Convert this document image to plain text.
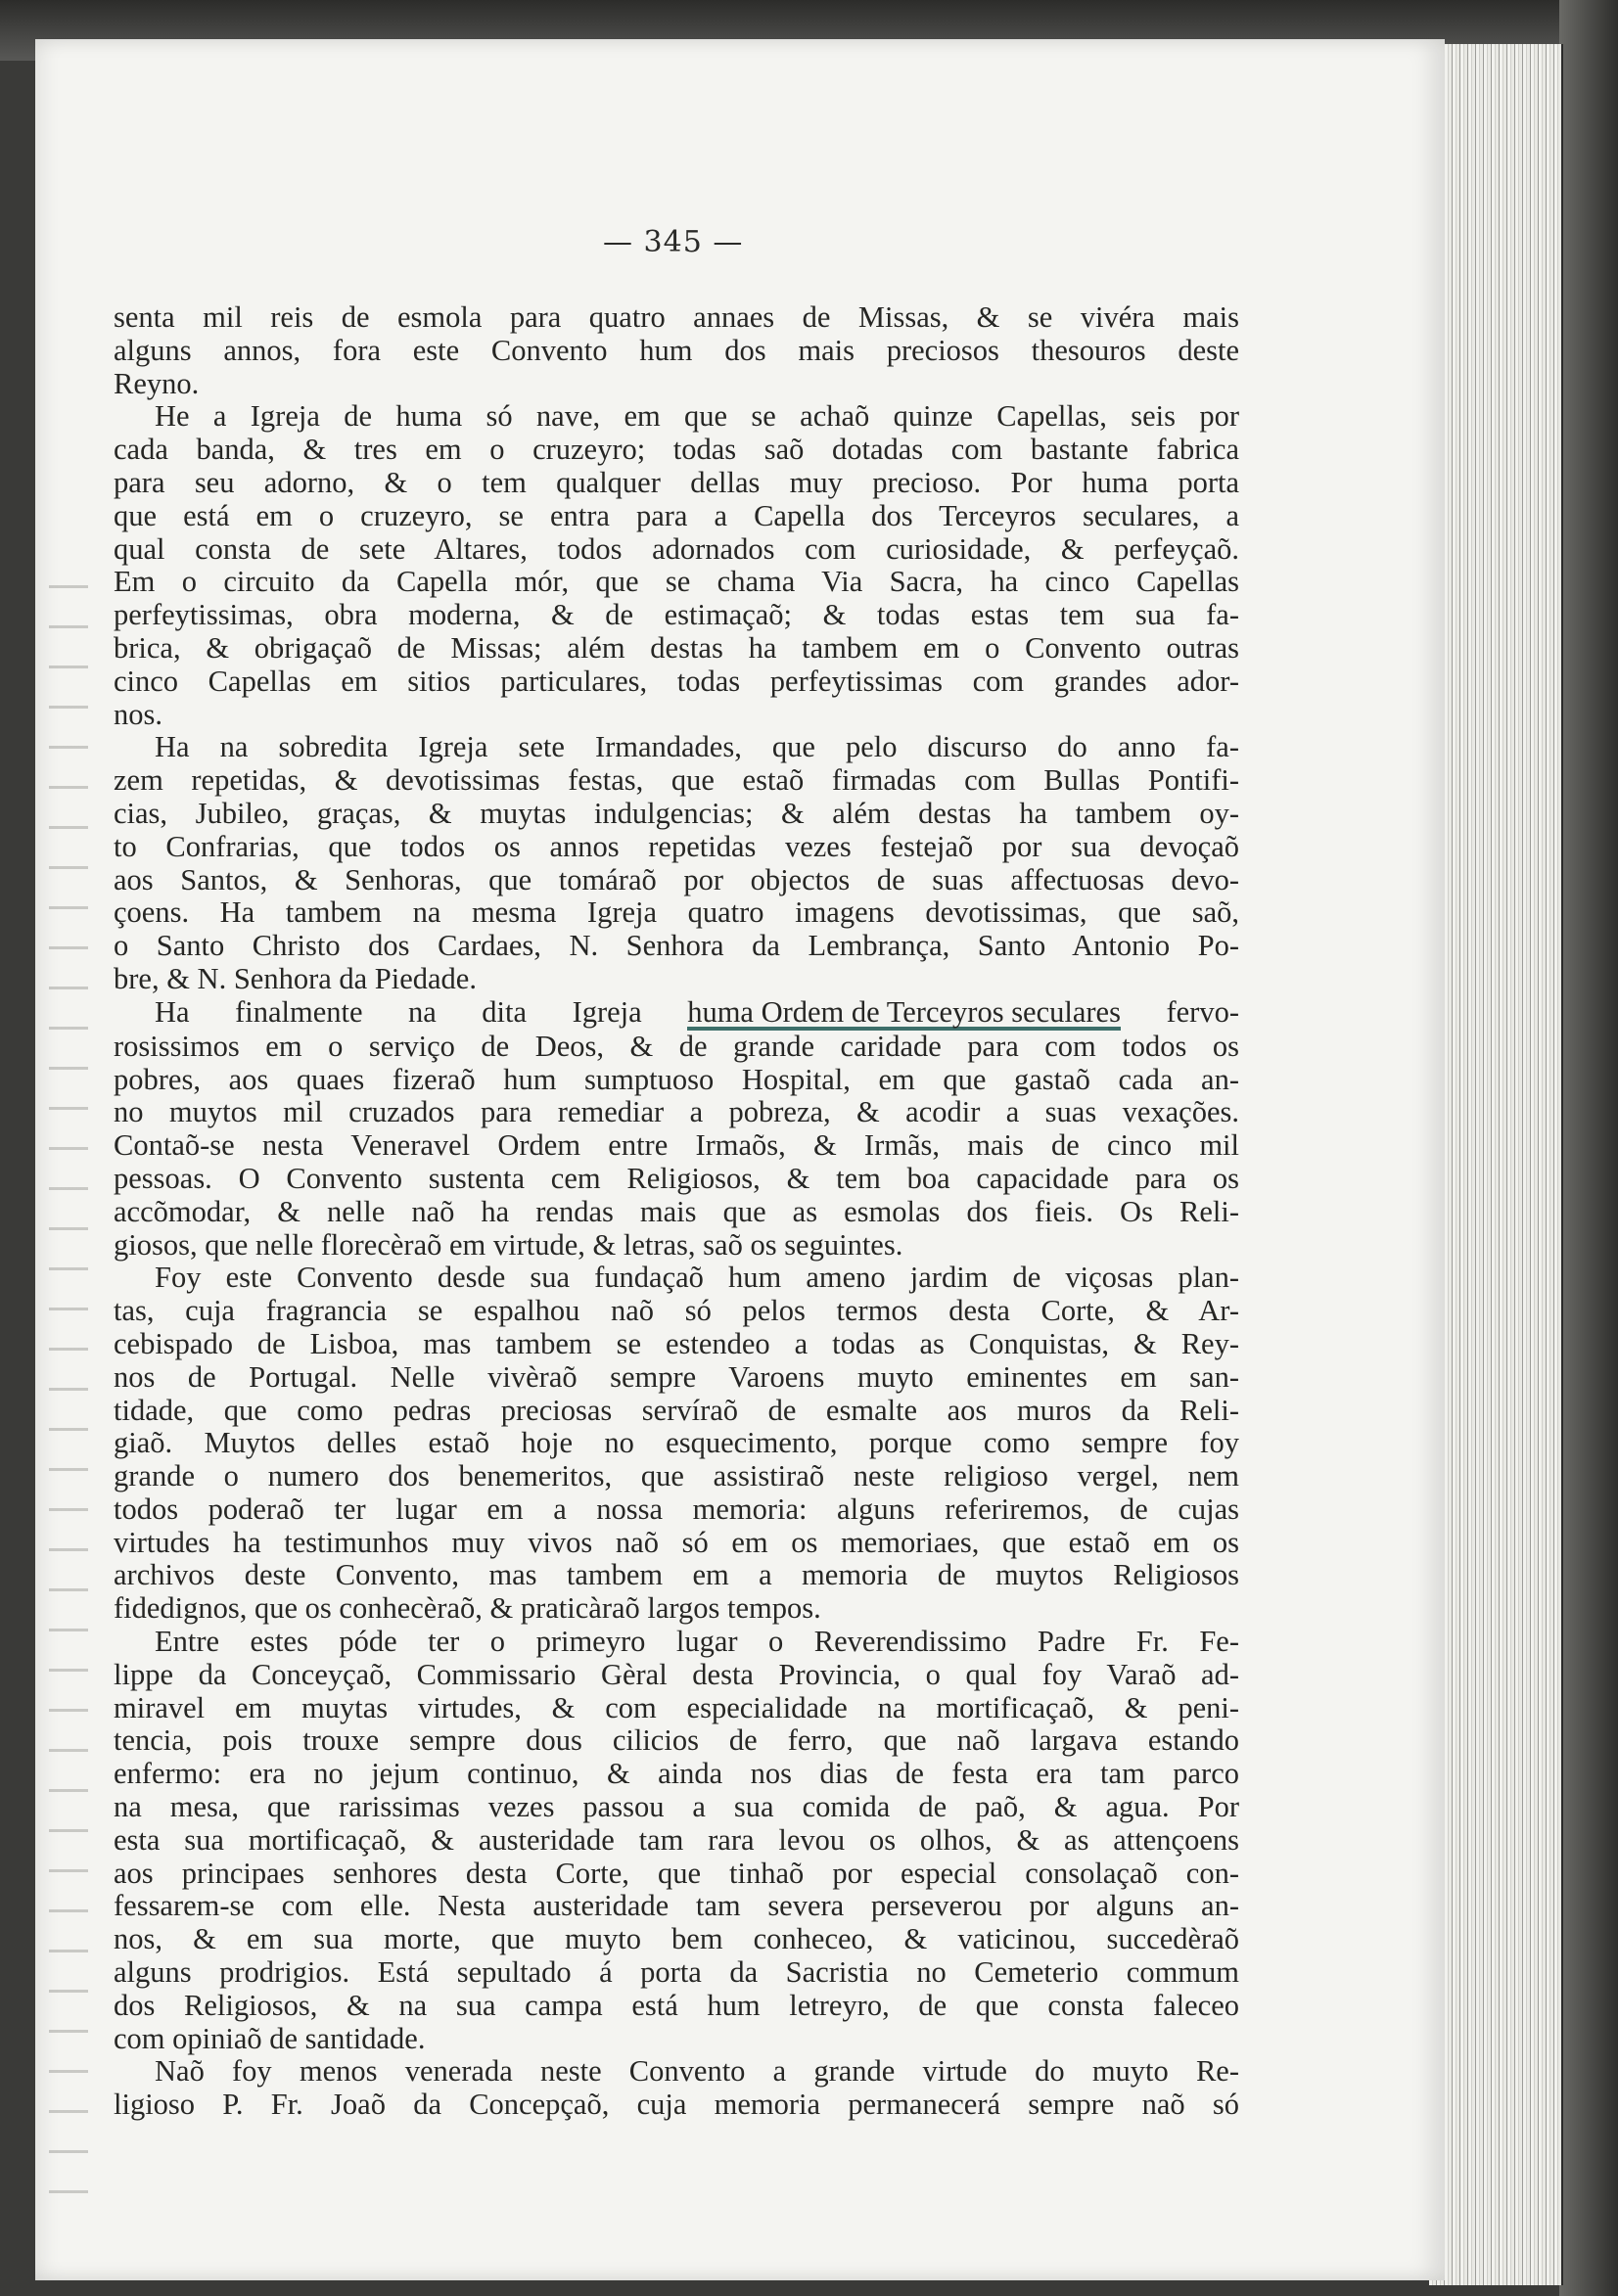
— 345 —
senta mil reis de esmola para quatro annaes de Missas, & se vivéra mais
alguns annos, fora este Convento hum dos mais preciosos thesouros deste
Reyno.
He a Igreja de huma só nave, em que se achaõ quinze Capellas, seis por
cada banda, & tres em o cruzeyro; todas saõ dotadas com bastante fabrica
para seu adorno, & o tem qualquer dellas muy precioso. Por huma porta
que está em o cruzeyro, se entra para a Capella dos Terceyros seculares, a
qual consta de sete Altares, todos adornados com curiosidade, & perfeyçaõ.
Em o circuito da Capella mór, que se chama Via Sacra, ha cinco Capellas
perfeytissimas, obra moderna, & de estimaçaõ; & todas estas tem sua fa-
brica, & obrigaçaõ de Missas; além destas ha tambem em o Convento outras
cinco Capellas em sitios particulares, todas perfeytissimas com grandes ador-
nos.
Ha na sobredita Igreja sete Irmandades, que pelo discurso do anno fa-
zem repetidas, & devotissimas festas, que estaõ firmadas com Bullas Pontifi-
cias, Jubileo, graças, & muytas indulgencias; & além destas ha tambem oy-
to Confrarias, que todos os annos repetidas vezes festejaõ por sua devoçaõ
aos Santos, & Senhoras, que tomáraõ por objectos de suas affectuosas devo-
çoens. Ha tambem na mesma Igreja quatro imagens devotissimas, que saõ,
o Santo Christo dos Cardaes, N. Senhora da Lembrança, Santo Antonio Po-
bre, & N. Senhora da Piedade.
Ha finalmente na dita Igreja huma Ordem de Terceyros seculares fervo-
rosissimos em o serviço de Deos, & de grande caridade para com todos os
pobres, aos quaes fizeraõ hum sumptuoso Hospital, em que gastaõ cada an-
no muytos mil cruzados para remediar a pobreza, & acodir a suas vexações.
Contaõ-se nesta Veneravel Ordem entre Irmaõs, & Irmãs, mais de cinco mil
pessoas. O Convento sustenta cem Religiosos, & tem boa capacidade para os
accõmodar, & nelle naõ ha rendas mais que as esmolas dos fieis. Os Reli-
giosos, que nelle florecèraõ em virtude, & letras, saõ os seguintes.
Foy este Convento desde sua fundaçaõ hum ameno jardim de viçosas plan-
tas, cuja fragrancia se espalhou naõ só pelos termos desta Corte, & Ar-
cebispado de Lisboa, mas tambem se estendeo a todas as Conquistas, & Rey-
nos de Portugal. Nelle vivèraõ sempre Varoens muyto eminentes em san-
tidade, que como pedras preciosas servíraõ de esmalte aos muros da Reli-
giaõ. Muytos delles estaõ hoje no esquecimento, porque como sempre foy
grande o numero dos benemeritos, que assistiraõ neste religioso vergel, nem
todos poderaõ ter lugar em a nossa memoria: alguns referiremos, de cujas
virtudes ha testimunhos muy vivos naõ só em os memoriaes, que estaõ em os
archivos deste Convento, mas tambem em a memoria de muytos Religiosos
fidedignos, que os conhecèraõ, & praticàraõ largos tempos.
Entre estes póde ter o primeyro lugar o Reverendissimo Padre Fr. Fe-
lippe da Conceyçaõ, Commissario Gèral desta Provincia, o qual foy Varaõ ad-
miravel em muytas virtudes, & com especialidade na mortificaçaõ, & peni-
tencia, pois trouxe sempre dous cilicios de ferro, que naõ largava estando
enfermo: era no jejum continuo, & ainda nos dias de festa era tam parco
na mesa, que rarissimas vezes passou a sua comida de paõ, & agua. Por
esta sua mortificaçaõ, & austeridade tam rara levou os olhos, & as attençoens
aos principaes senhores desta Corte, que tinhaõ por especial consolaçaõ con-
fessarem-se com elle. Nesta austeridade tam severa perseverou por alguns an-
nos, & em sua morte, que muyto bem conheceo, & vaticinou, succedèraõ
alguns prodrigios. Está sepultado á porta da Sacristia no Cemeterio commum
dos Religiosos, & na sua campa está hum letreyro, de que consta faleceo
com opiniaõ de santidade.
Naõ foy menos venerada neste Convento a grande virtude do muyto Re-
ligioso P. Fr. Joaõ da Concepçaõ, cuja memoria permanecerá sempre naõ só
